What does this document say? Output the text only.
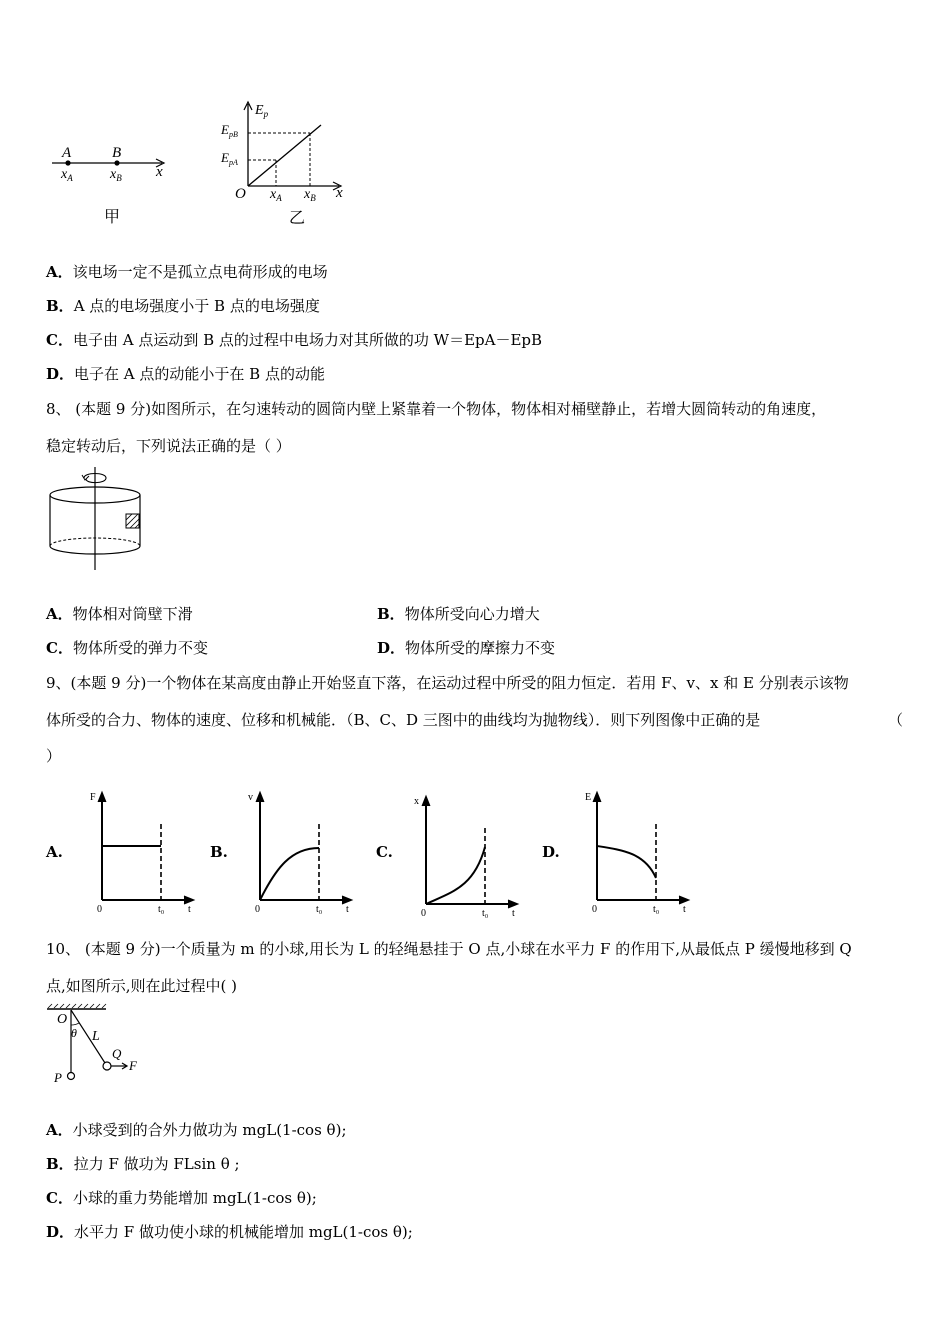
A	B
$x_A$	$x_B$ x
甲
$E_p$
$E_{pB}$
$E_{pA}$
O $x_A$ $x_B$ x
乙
A．该电场一定不是孤立点电荷形成的电场
B．A 点的电场强度小于 B 点的电场强度
C．电子由 A 点运动到 B 点的过程中电场力对其所做的功 W＝EpA－EpB
D．电子在 A 点的动能小于在 B 点的动能
8、 (本题 9 分)如图所示，在匀速转动的圆筒内壁上紧靠着一个物体，物体相对桶壁静止，若增大圆筒转动的角速度，
稳定转动后，下列说法正确的是（ ）
A．物体相对筒壁下滑	B．物体所受向心力增大
C．物体所受的弹力不变	D．物体所受的摩擦力不变
9、(本题 9 分)一个物体在某高度由静止开始竖直下落，在运动过程中所受的阻力恒定．若用 F、v、x 和 E 分别表示该物
体所受的合力、物体的速度、位移和机械能．（B、C、D 三图中的曲线均为抛物线）．则下列图像中正确的是	（
）
A.
F
0	t₀ t
B.
v
0	t₀ t
C.
x
0	t₀ t
D.
E
0	t₀ t
10、 (本题 9 分)一个质量为 m 的小球,用长为 L 的轻绳悬挂于 O 点,小球在水平力 F 的作用下,从最低点 P 缓慢地移到 Q
点,如图所示,则在此过程中( )
O
θ L
Q
F
P
A．小球受到的合外力做功为 mgL(1-cos θ);
B．拉力 F 做功为 FLsin θ ;
C．小球的重力势能增加 mgL(1-cos θ);
D．水平力 F 做功使小球的机械能增加 mgL(1-cos θ);
